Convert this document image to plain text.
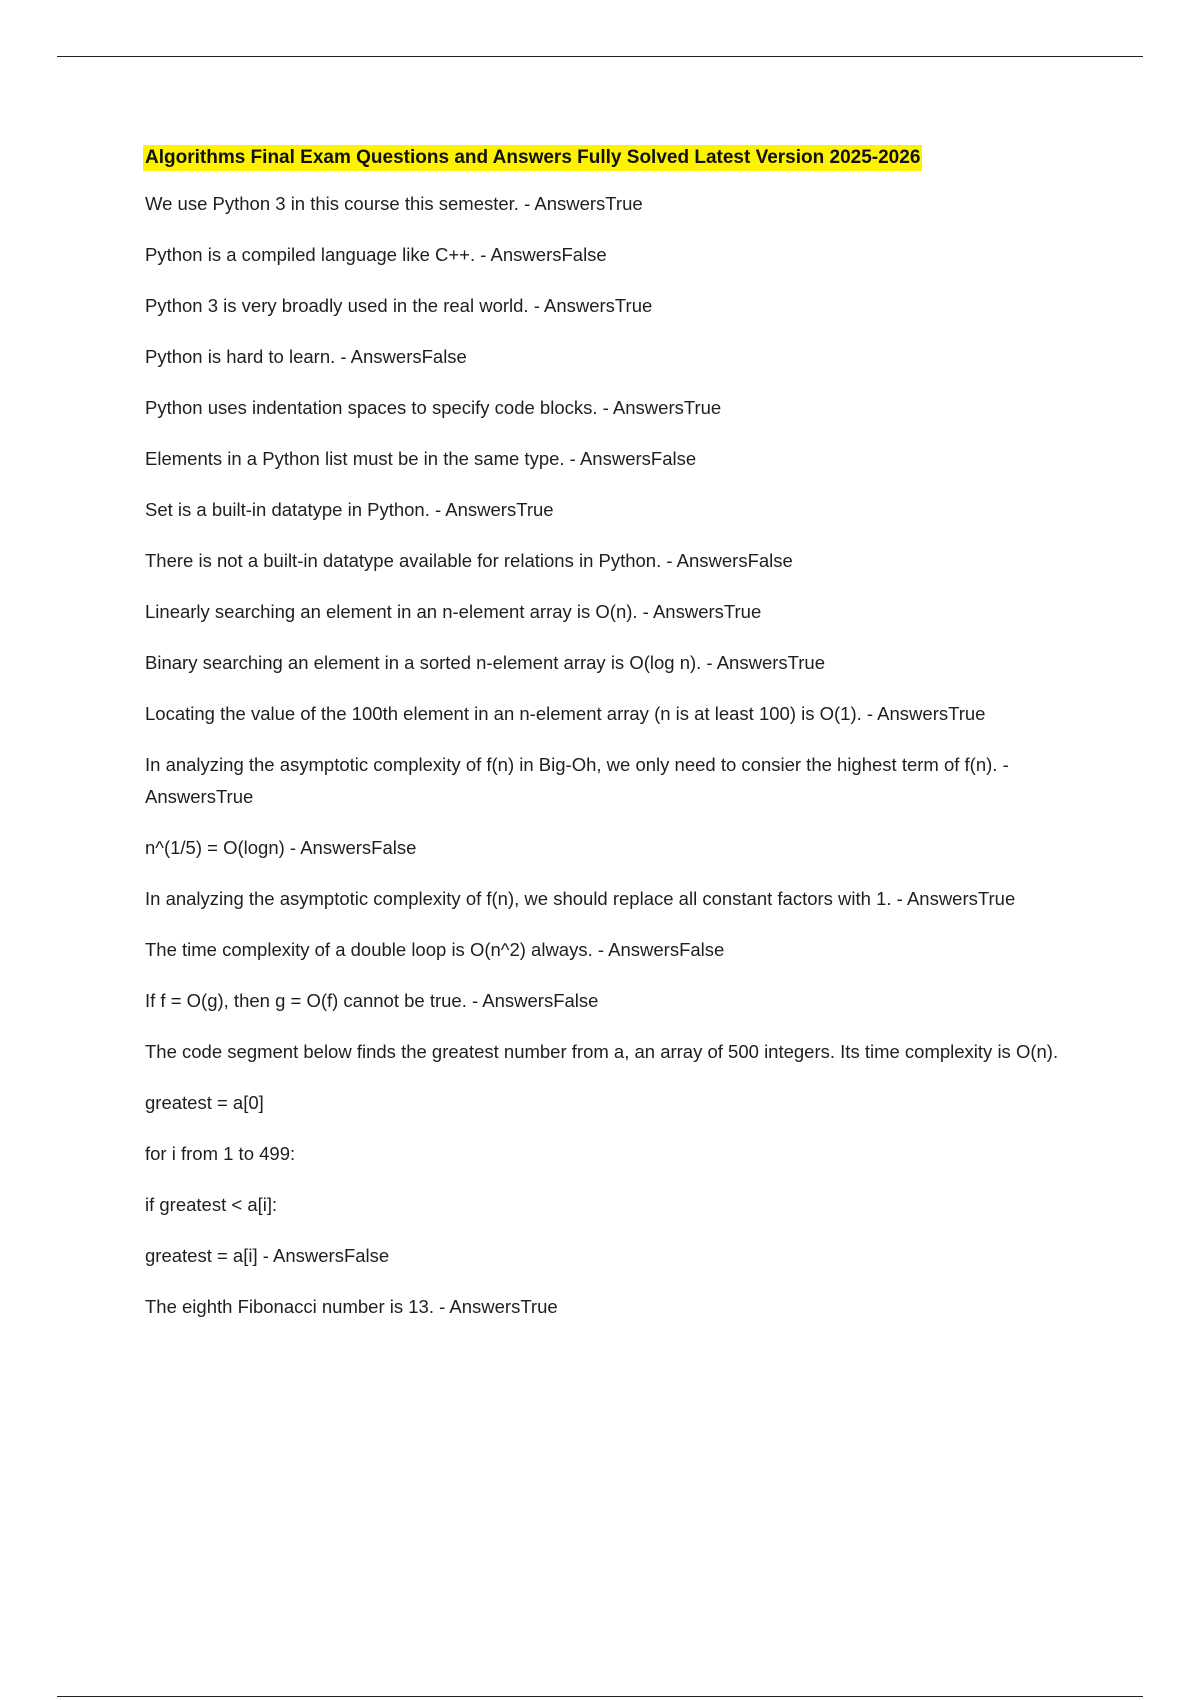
Algorithms Final Exam Questions and Answers Fully Solved Latest Version 2025-2026

We use Python 3 in this course this semester. - AnswersTrue

Python is a compiled language like C++. - AnswersFalse

Python 3 is very broadly used in the real world. - AnswersTrue

Python is hard to learn. - AnswersFalse

Python uses indentation spaces to specify code blocks. - AnswersTrue

Elements in a Python list must be in the same type. - AnswersFalse

Set is a built-in datatype in Python. - AnswersTrue

There is not a built-in datatype available for relations in Python. - AnswersFalse

Linearly searching an element in an n-element array is O(n). - AnswersTrue

Binary searching an element in a sorted n-element array is O(log n). - AnswersTrue

Locating the value of the 100th element in an n-element array (n is at least 100) is O(1). - AnswersTrue

In analyzing the asymptotic complexity of f(n) in Big-Oh, we only need to consier the highest term of f(n). - AnswersTrue

n^(1/5) = O(logn) - AnswersFalse

In analyzing the asymptotic complexity of f(n), we should replace all constant factors with 1. - AnswersTrue

The time complexity of a double loop is O(n^2) always. - AnswersFalse

If f = O(g), then g = O(f) cannot be true. - AnswersFalse

The code segment below finds the greatest number from a, an array of 500 integers. Its time complexity is O(n).

greatest = a[0]

for i from 1 to 499:

if greatest < a[i]:

greatest = a[i] - AnswersFalse

The eighth Fibonacci number is 13. - AnswersTrue
